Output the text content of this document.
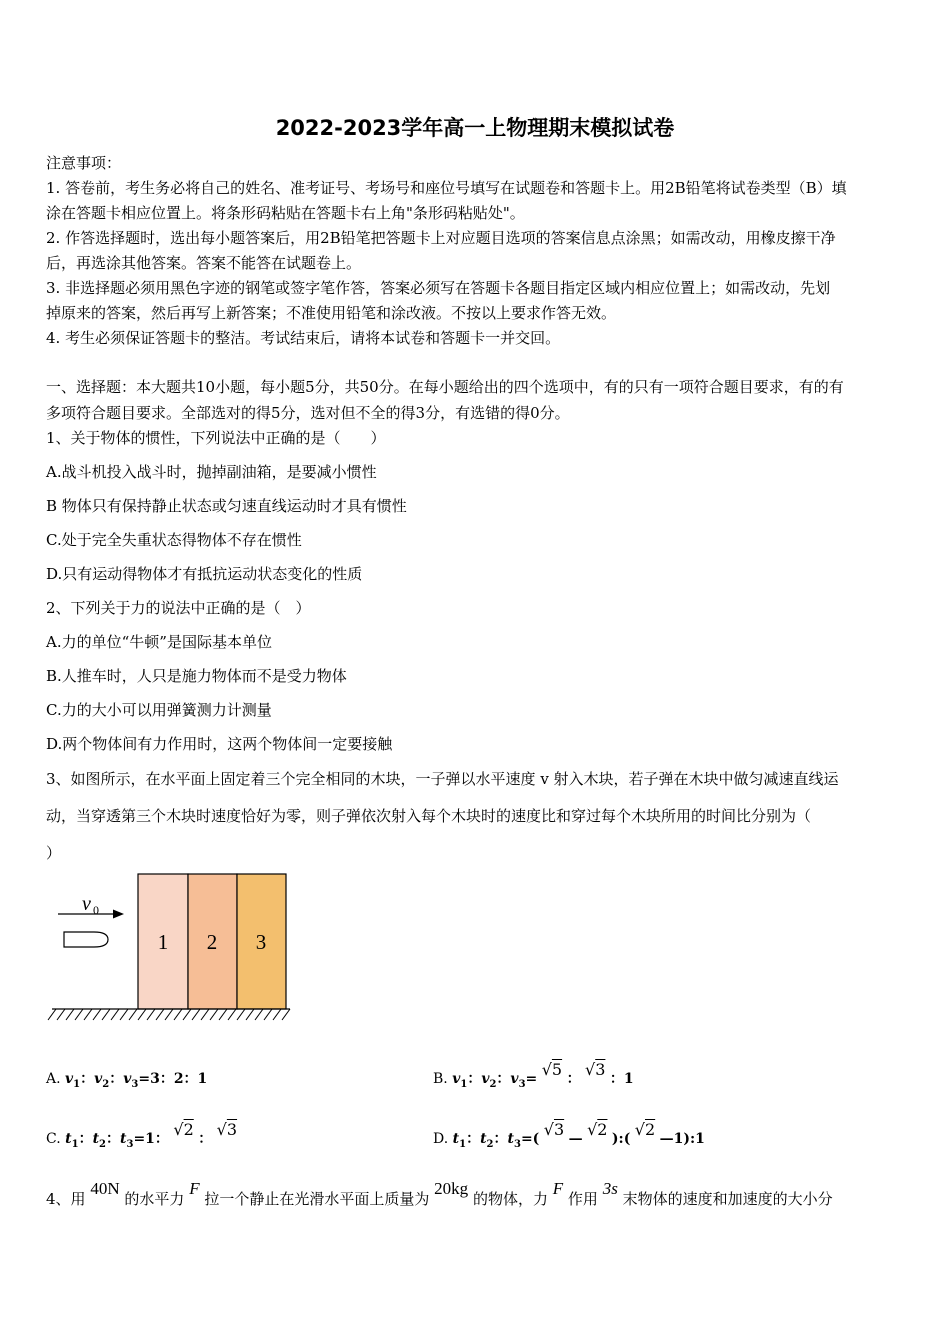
2022-2023学年高一上物理期末模拟试卷
注意事项：
1. 答卷前，考生务必将自己的姓名、准考证号、考场号和座位号填写在试题卷和答题卡上。用2B铅笔将试卷类型（B）填
涂在答题卡相应位置上。将条形码粘贴在答题卡右上角"条形码粘贴处"。
2. 作答选择题时，选出每小题答案后，用2B铅笔把答题卡上对应题目选项的答案信息点涂黑；如需改动，用橡皮擦干净
后，再选涂其他答案。答案不能答在试题卷上。
3. 非选择题必须用黑色字迹的钢笔或签字笔作答，答案必须写在答题卡各题目指定区域内相应位置上；如需改动，先划
掉原来的答案，然后再写上新答案；不准使用铅笔和涂改液。不按以上要求作答无效。
4. 考生必须保证答题卡的整洁。考试结束后，请将本试卷和答题卡一并交回。
一、选择题：本大题共10小题，每小题5分，共50分。在每小题给出的四个选项中，有的只有一项符合题目要求，有的有
多项符合题目要求。全部选对的得5分，选对但不全的得3分，有选错的得0分。
1、关于物体的惯性，下列说法中正确的是（　　）
A.战斗机投入战斗时，抛掉副油箱，是要减小惯性
B 物体只有保持静止状态或匀速直线运动时才具有惯性
C.处于完全失重状态得物体不存在惯性
D.只有运动得物体才有抵抗运动状态变化的性质
2、下列关于力的说法中正确的是（　）
A.力的单位“牛顿”是国际基本单位
B.人推车时，人只是施力物体而不是受力物体
C.力的大小可以用弹簧测力计测量
D.两个物体间有力作用时，这两个物体间一定要接触
3、如图所示，在水平面上固定着三个完全相同的木块，一子弹以水平速度 v 射入木块，若子弹在木块中做匀减速直线运
动，当穿透第三个木块时速度恰好为零，则子弹依次射入每个木块时的速度比和穿过每个木块所用的时间比分别为（
）
v 0
1 2 3
A. $v_1$：$v_2$：$v_3=3$：2：1	B. $v_1$：$v_2$：$v_3= √5$ ： √3 ：1
C. $t_1$：$t_2$：$t_3=1$： √2 ： √3	D. $t_1$：$t_2$：$t_3=$( √3 — √2 ):( √2 —1):1
4、用 40N 的水平力 F 拉一个静止在光滑水平面上质量为 20kg 的物体，力 F 作用 3s 末物体的速度和加速度的大小分
